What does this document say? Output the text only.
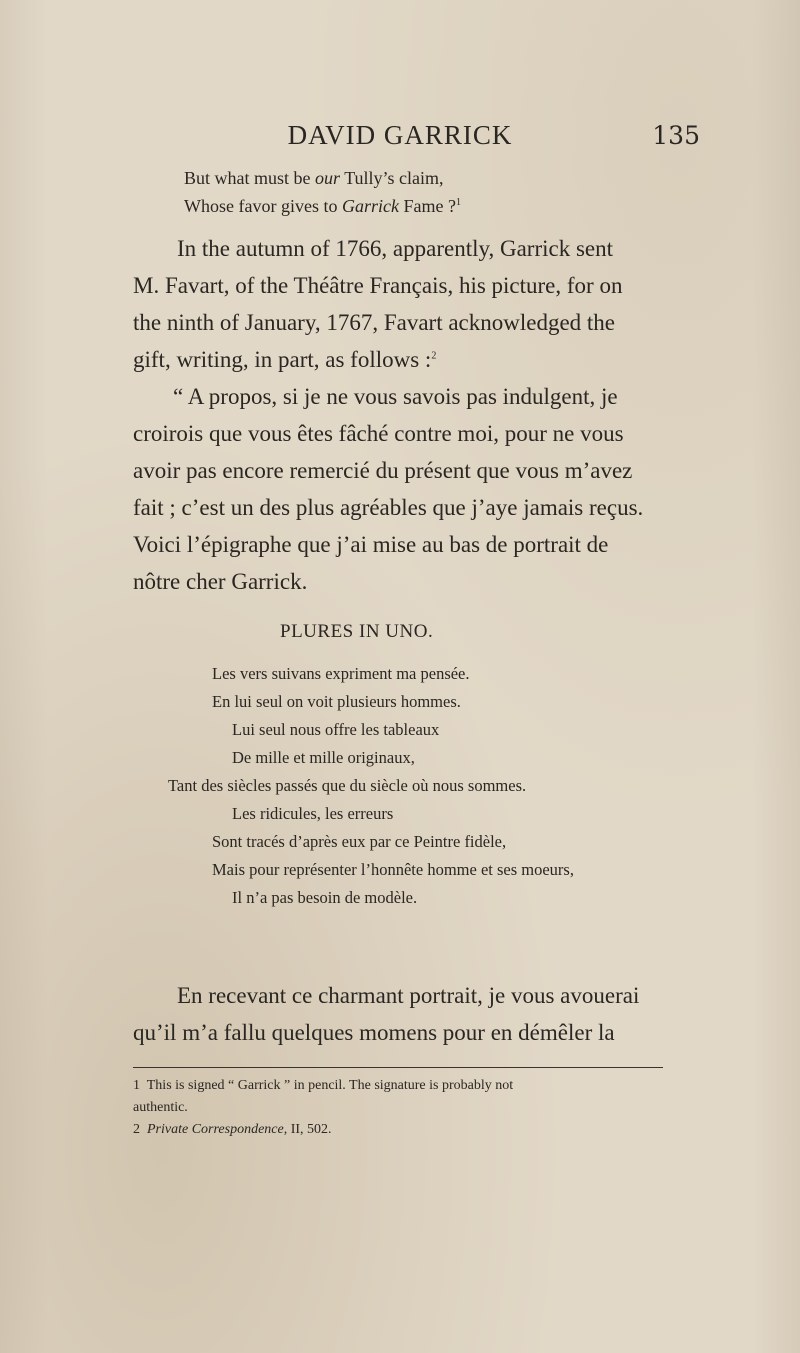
DAVID GARRICK	135
But what must be our Tully’s claim,
Whose favor gives to Garrick Fame ?$^1$
In the autumn of 1766, apparently, Garrick sent
M. Favart, of the Théâtre Français, his picture, for on
the ninth of January, 1767, Favart acknowledged the
gift, writing, in part, as follows :$^2$
“ A propos, si je ne vous savois pas indulgent, je
croirois que vous êtes fâché contre moi, pour ne vous
avoir pas encore remercié du présent que vous m’avez
fait ; c’est un des plus agréables que j’aye jamais reçus.
Voici l’épigraphe que j’ai mise au bas de portrait de
nôtre cher Garrick.
PLURES IN UNO.
Les vers suivans expriment ma pensée.
En lui seul on voit plusieurs hommes.
Lui seul nous offre les tableaux
De mille et mille originaux,
Tant des siècles passés que du siècle où nous sommes.
Les ridicules, les erreurs
Sont tracés d’après eux par ce Peintre fidèle,
Mais pour représenter l’honnête homme et ses moeurs,
Il n’a pas besoin de modèle.
En recevant ce charmant portrait, je vous avouerai
qu’il m’a fallu quelques momens pour en démêler la
1 This is signed “ Garrick ” in pencil. The signature is probably not
authentic.
2 Private Correspondence, II, 502.
